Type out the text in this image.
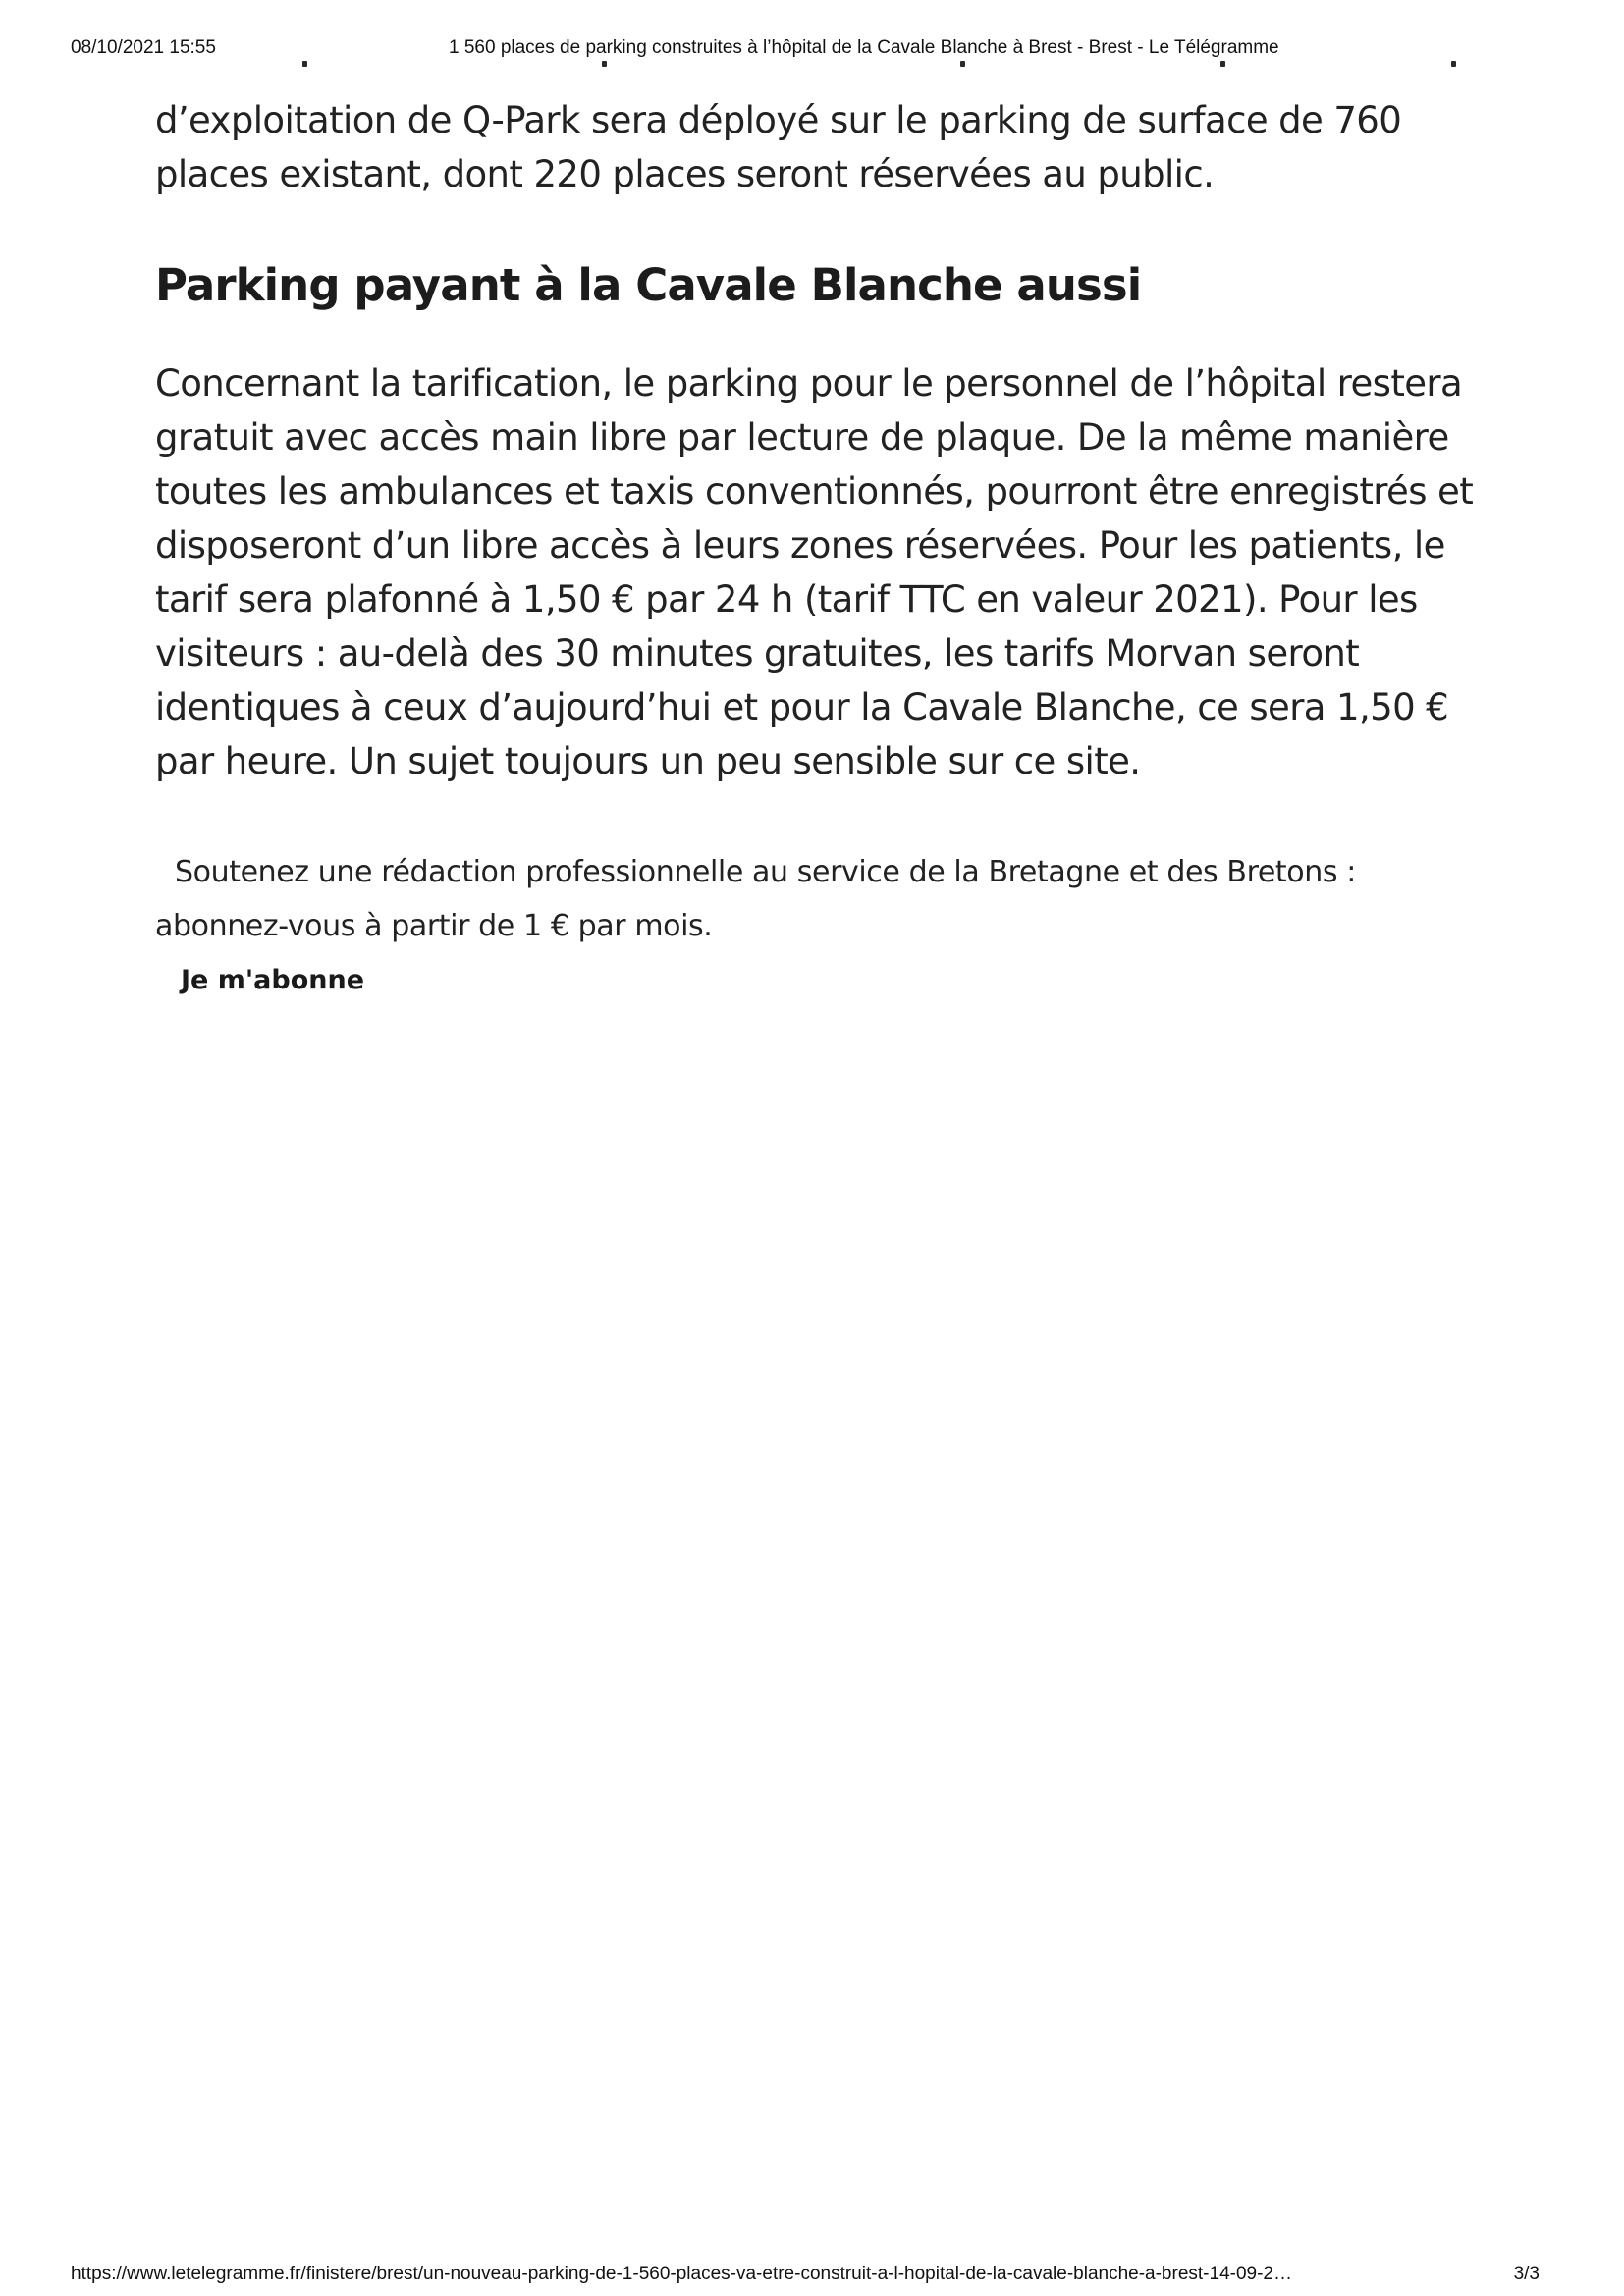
08/10/2021 15:55	1 560 places de parking construites à l’hôpital de la Cavale Blanche à Brest - Brest - Le Télégramme

d’exploitation de Q-Park sera déployé sur le parking de surface de 760 places existant, dont 220 places seront réservées au public.

Parking payant à la Cavale Blanche aussi

Concernant la tarification, le parking pour le personnel de l’hôpital restera gratuit avec accès main libre par lecture de plaque. De la même manière toutes les ambulances et taxis conventionnés, pourront être enregistrés et disposeront d’un libre accès à leurs zones réservées. Pour les patients, le tarif sera plafonné à 1,50 € par 24 h (tarif TTC en valeur 2021). Pour les visiteurs : au-delà des 30 minutes gratuites, les tarifs Morvan seront identiques à ceux d’aujourd’hui et pour la Cavale Blanche, ce sera 1,50 € par heure. Un sujet toujours un peu sensible sur ce site.

Soutenez une rédaction professionnelle au service de la Bretagne et des Bretons :
abonnez-vous à partir de 1 € par mois.
Je m'abonne
https://www.letelegramme.fr/finistere/brest/un-nouveau-parking-de-1-560-places-va-etre-construit-a-l-hopital-de-la-cavale-blanche-a-brest-14-09-2…	3/3
